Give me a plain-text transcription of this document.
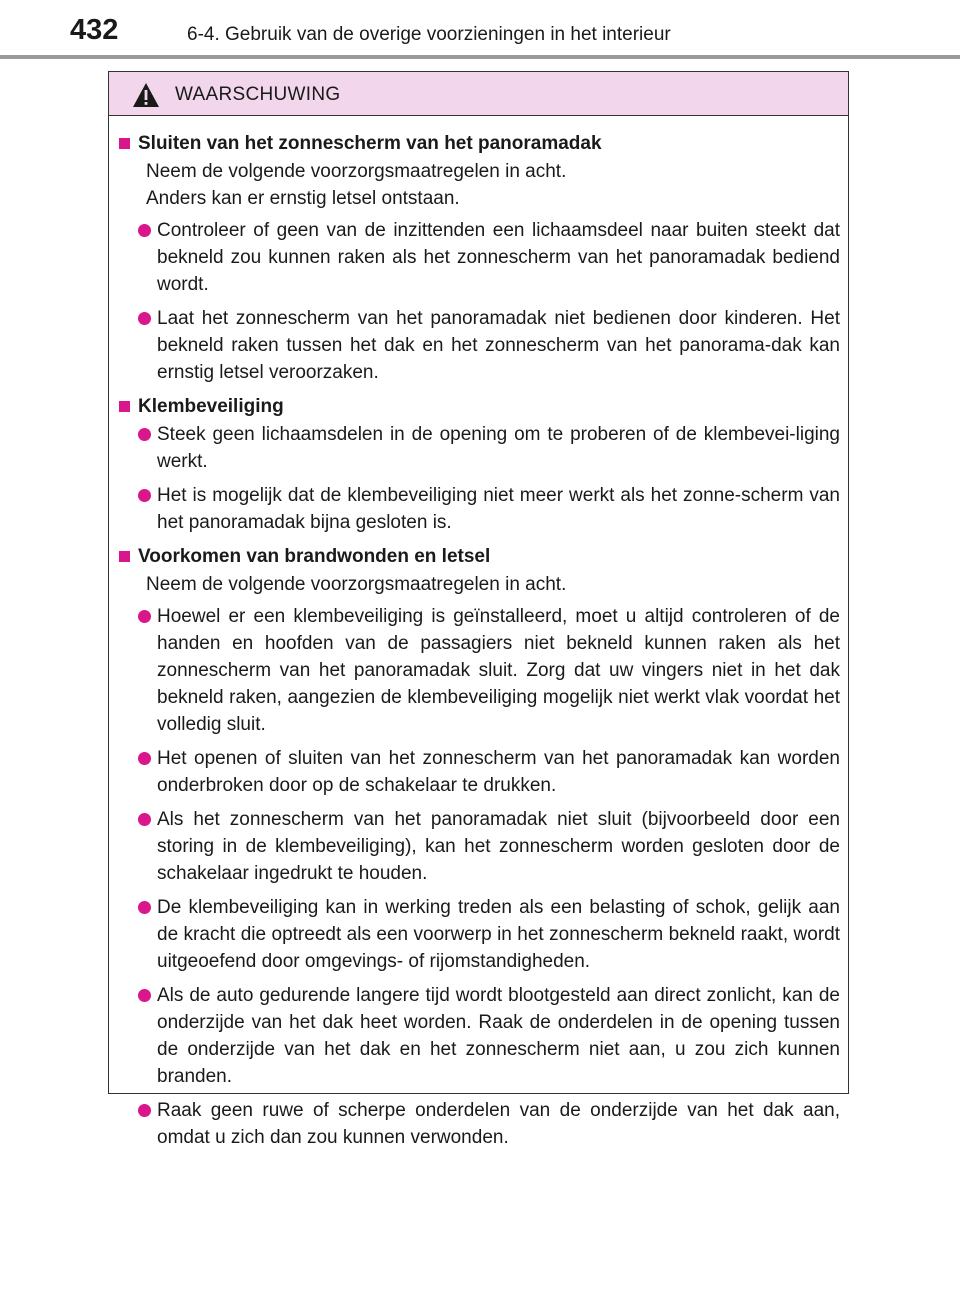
432	6-4. Gebruik van de overige voorzieningen in het interieur
WAARSCHUWING
Sluiten van het zonnescherm van het panoramadak
Neem de volgende voorzorgsmaatregelen in acht.
Anders kan er ernstig letsel ontstaan.
Controleer of geen van de inzittenden een lichaamsdeel naar buiten steekt dat bekneld zou kunnen raken als het zonnescherm van het panoramadak bediend wordt.
Laat het zonnescherm van het panoramadak niet bedienen door kinderen. Het bekneld raken tussen het dak en het zonnescherm van het panorama-dak kan ernstig letsel veroorzaken.
Klembeveiliging
Steek geen lichaamsdelen in de opening om te proberen of de klembevei-liging werkt.
Het is mogelijk dat de klembeveiliging niet meer werkt als het zonne-scherm van het panoramadak bijna gesloten is.
Voorkomen van brandwonden en letsel
Neem de volgende voorzorgsmaatregelen in acht.
Hoewel er een klembeveiliging is geïnstalleerd, moet u altijd controleren of de handen en hoofden van de passagiers niet bekneld kunnen raken als het zonnescherm van het panoramadak sluit. Zorg dat uw vingers niet in het dak bekneld raken, aangezien de klembeveiliging mogelijk niet werkt vlak voordat het volledig sluit.
Het openen of sluiten van het zonnescherm van het panoramadak kan worden onderbroken door op de schakelaar te drukken.
Als het zonnescherm van het panoramadak niet sluit (bijvoorbeeld door een storing in de klembeveiliging), kan het zonnescherm worden gesloten door de schakelaar ingedrukt te houden.
De klembeveiliging kan in werking treden als een belasting of schok, gelijk aan de kracht die optreedt als een voorwerp in het zonnescherm bekneld raakt, wordt uitgeoefend door omgevings- of rijomstandigheden.
Als de auto gedurende langere tijd wordt blootgesteld aan direct zonlicht, kan de onderzijde van het dak heet worden. Raak de onderdelen in de opening tussen de onderzijde van het dak en het zonnescherm niet aan, u zou zich kunnen branden.
Raak geen ruwe of scherpe onderdelen van de onderzijde van het dak aan, omdat u zich dan zou kunnen verwonden.
